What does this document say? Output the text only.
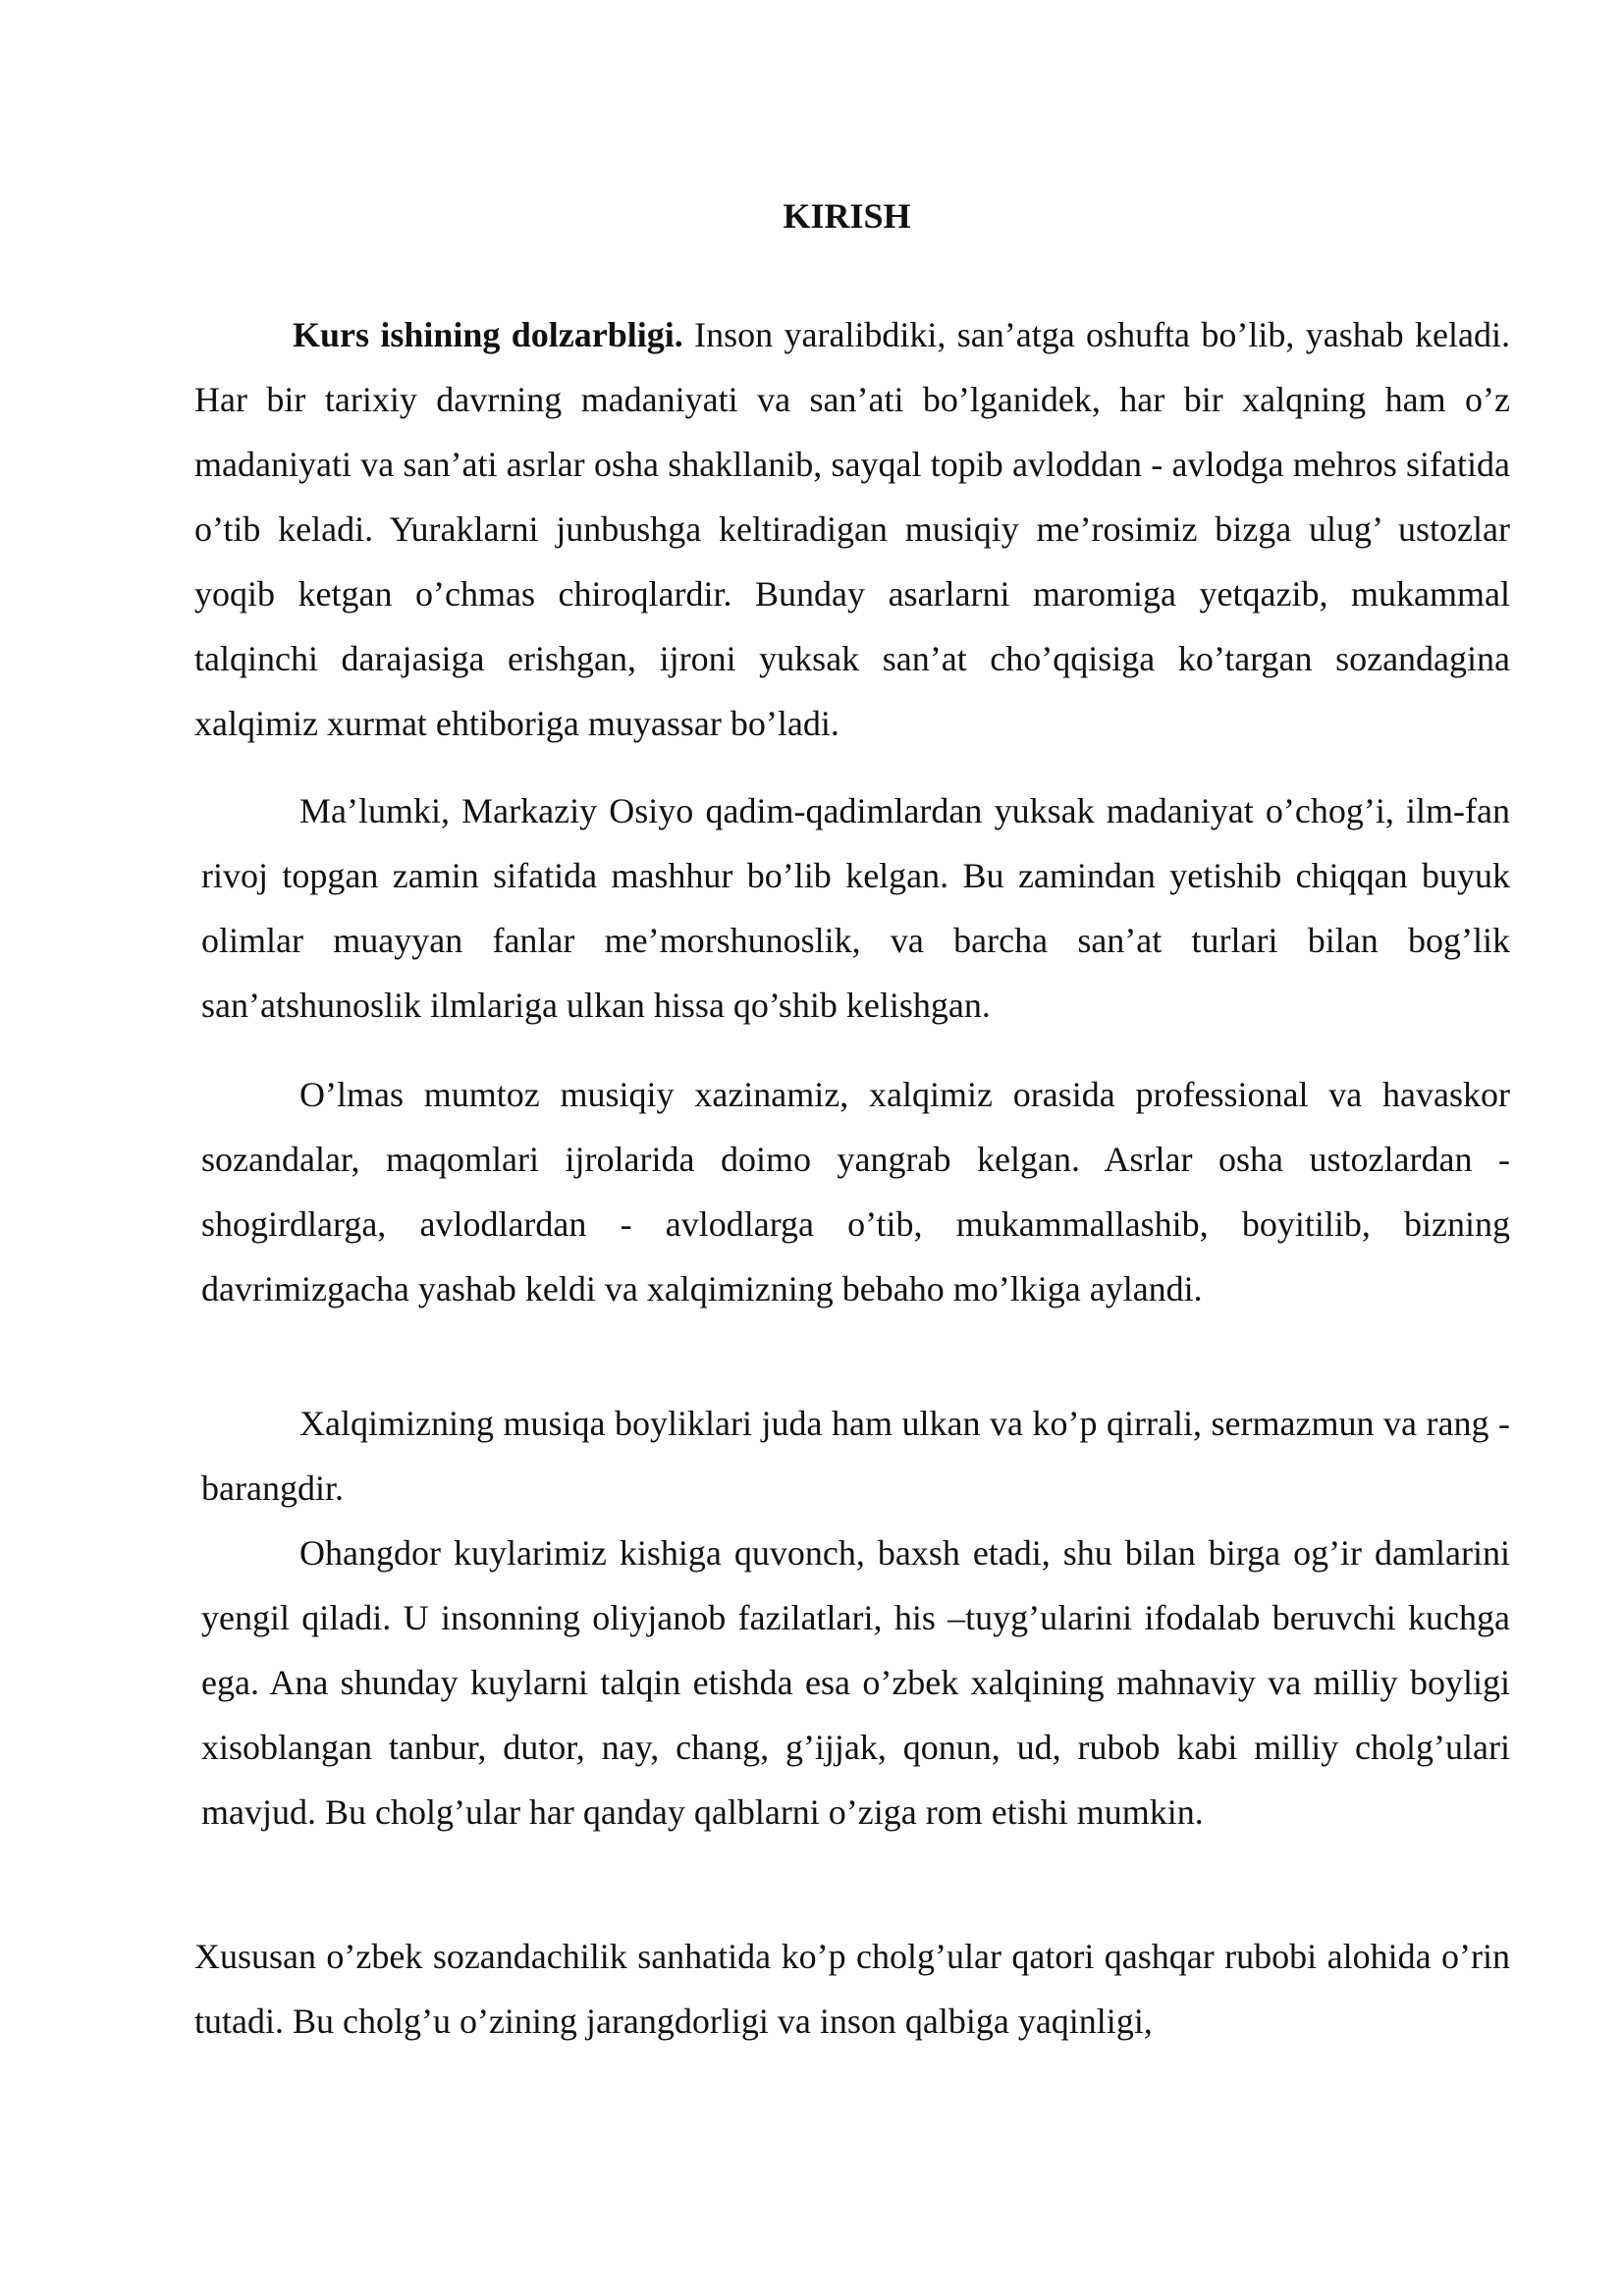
KIRISH

Kurs ishining dolzarbligi. Inson yaralibdiki, san’atga oshufta bo’lib, yashab keladi. Har bir tarixiy davrning madaniyati va san’ati bo’lganidek, har bir xalqning ham o’z madaniyati va san’ati asrlar osha shakllanib, sayqal topib avloddan - avlodga mehros sifatida o’tib keladi. Yuraklarni junbushga keltiradigan musiqiy me’rosimiz bizga ulug’ ustozlar yoqib ketgan o’chmas chiroqlardir. Bunday asarlarni maromiga yetqazib, mukammal talqinchi darajasiga erishgan, ijroni yuksak san’at cho’qqisiga ko’targan sozandagina xalqimiz xurmat ehtiboriga muyassar bo’ladi.

Ma’lumki, Markaziy Osiyo qadim-qadimlardan yuksak madaniyat o’chog’i, ilm-fan rivoj topgan zamin sifatida mashhur bo’lib kelgan. Bu zamindan yetishib chiqqan buyuk olimlar muayyan fanlar me’morshunoslik, va barcha san’at turlari bilan bog’lik san’atshunoslik ilmlariga ulkan hissa qo’shib kelishgan.

O’lmas mumtoz musiqiy xazinamiz, xalqimiz orasida professional va havaskor sozandalar, maqomlari ijrolarida doimo yangrab kelgan. Asrlar osha ustozlardan - shogirdlarga, avlodlardan - avlodlarga o’tib, mukammallashib, boyitilib, bizning davrimizgacha yashab keldi va xalqimizning bebaho mo’lkiga aylandi.

Xalqimizning musiqa boyliklari juda ham ulkan va ko’p qirrali, sermazmun va rang - barangdir.

Ohangdor kuylarimiz kishiga quvonch, baxsh etadi, shu bilan birga og’ir damlarini yengil qiladi. U insonning oliyjanob fazilatlari, his –tuyg’ularini ifodalab beruvchi kuchga ega. Ana shunday kuylarni talqin etishda esa o’zbek xalqining mahnaviy va milliy boyligi xisoblangan tanbur, dutor, nay, chang, g’ijjak, qonun, ud, rubob kabi milliy cholg’ulari mavjud. Bu cholg’ular har qanday qalblarni o’ziga rom etishi mumkin.

Xususan o’zbek sozandachilik sanhatida ko’p cholg’ular qatori qashqar rubobi alohida o’rin tutadi. Bu cholg’u o’zining jarangdorligi va inson qalbiga yaqinligi,
